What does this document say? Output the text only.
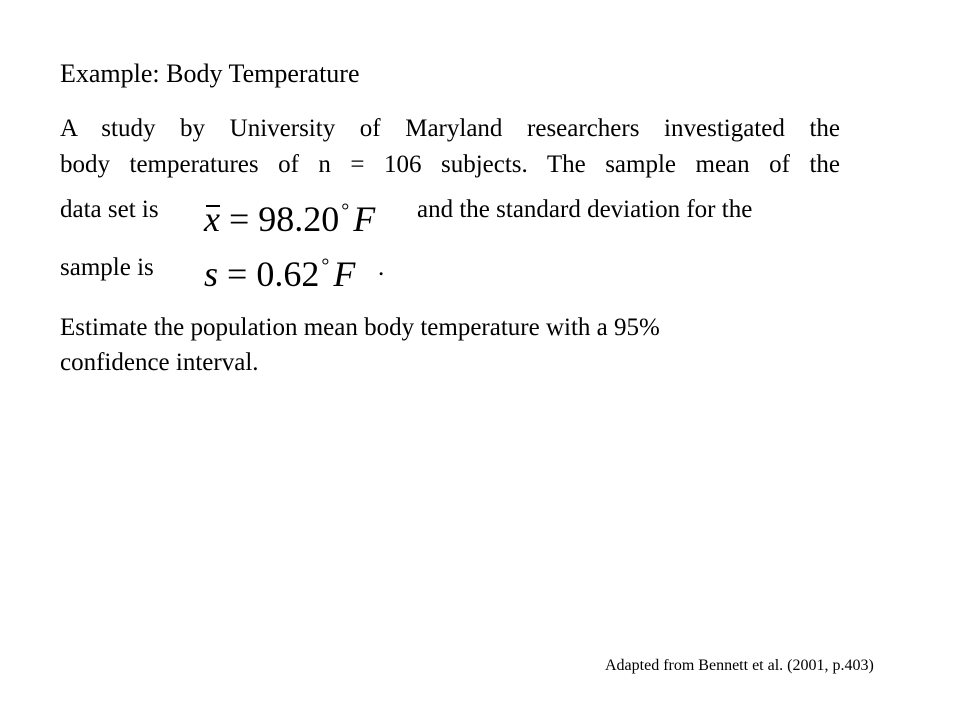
Example: Body Temperature
A study by University of Maryland researchers investigated the
body temperatures of n = 106 subjects. The sample mean of the
data set is	x = 98.20 ° F and the standard deviation for the
sample is s = 0.62 ° F .
Estimate the population mean body temperature with a 95%
confidence interval.
Adapted from Bennett et al. (2001, p.403)
